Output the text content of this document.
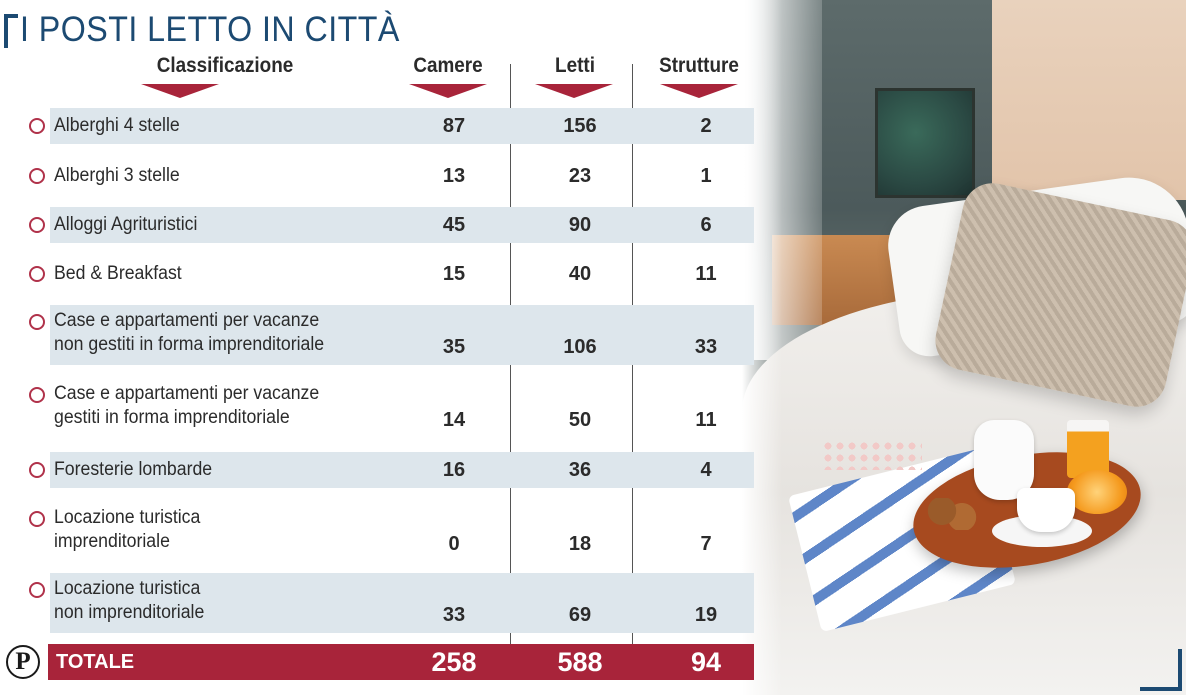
I POSTI LETTO IN CITTÀ
Classificazione	Camere	Letti	Strutture
Alberghi 4 stelle	87	156	2
Alberghi 3 stelle	13	23	1
Alloggi Agrituristici	45	90	6
Bed & Breakfast	15	40	11
Case e appartamenti per vacanze
non gestiti in forma imprenditoriale	35	106	33
Case e appartamenti per vacanze
gestiti in forma imprenditoriale	14	50	11
Foresterie lombarde	16	36	4
Locazione turistica
imprenditoriale	0	18	7
Locazione turistica
non imprenditoriale	33	69	19
P	TOTALE	258	588	94
